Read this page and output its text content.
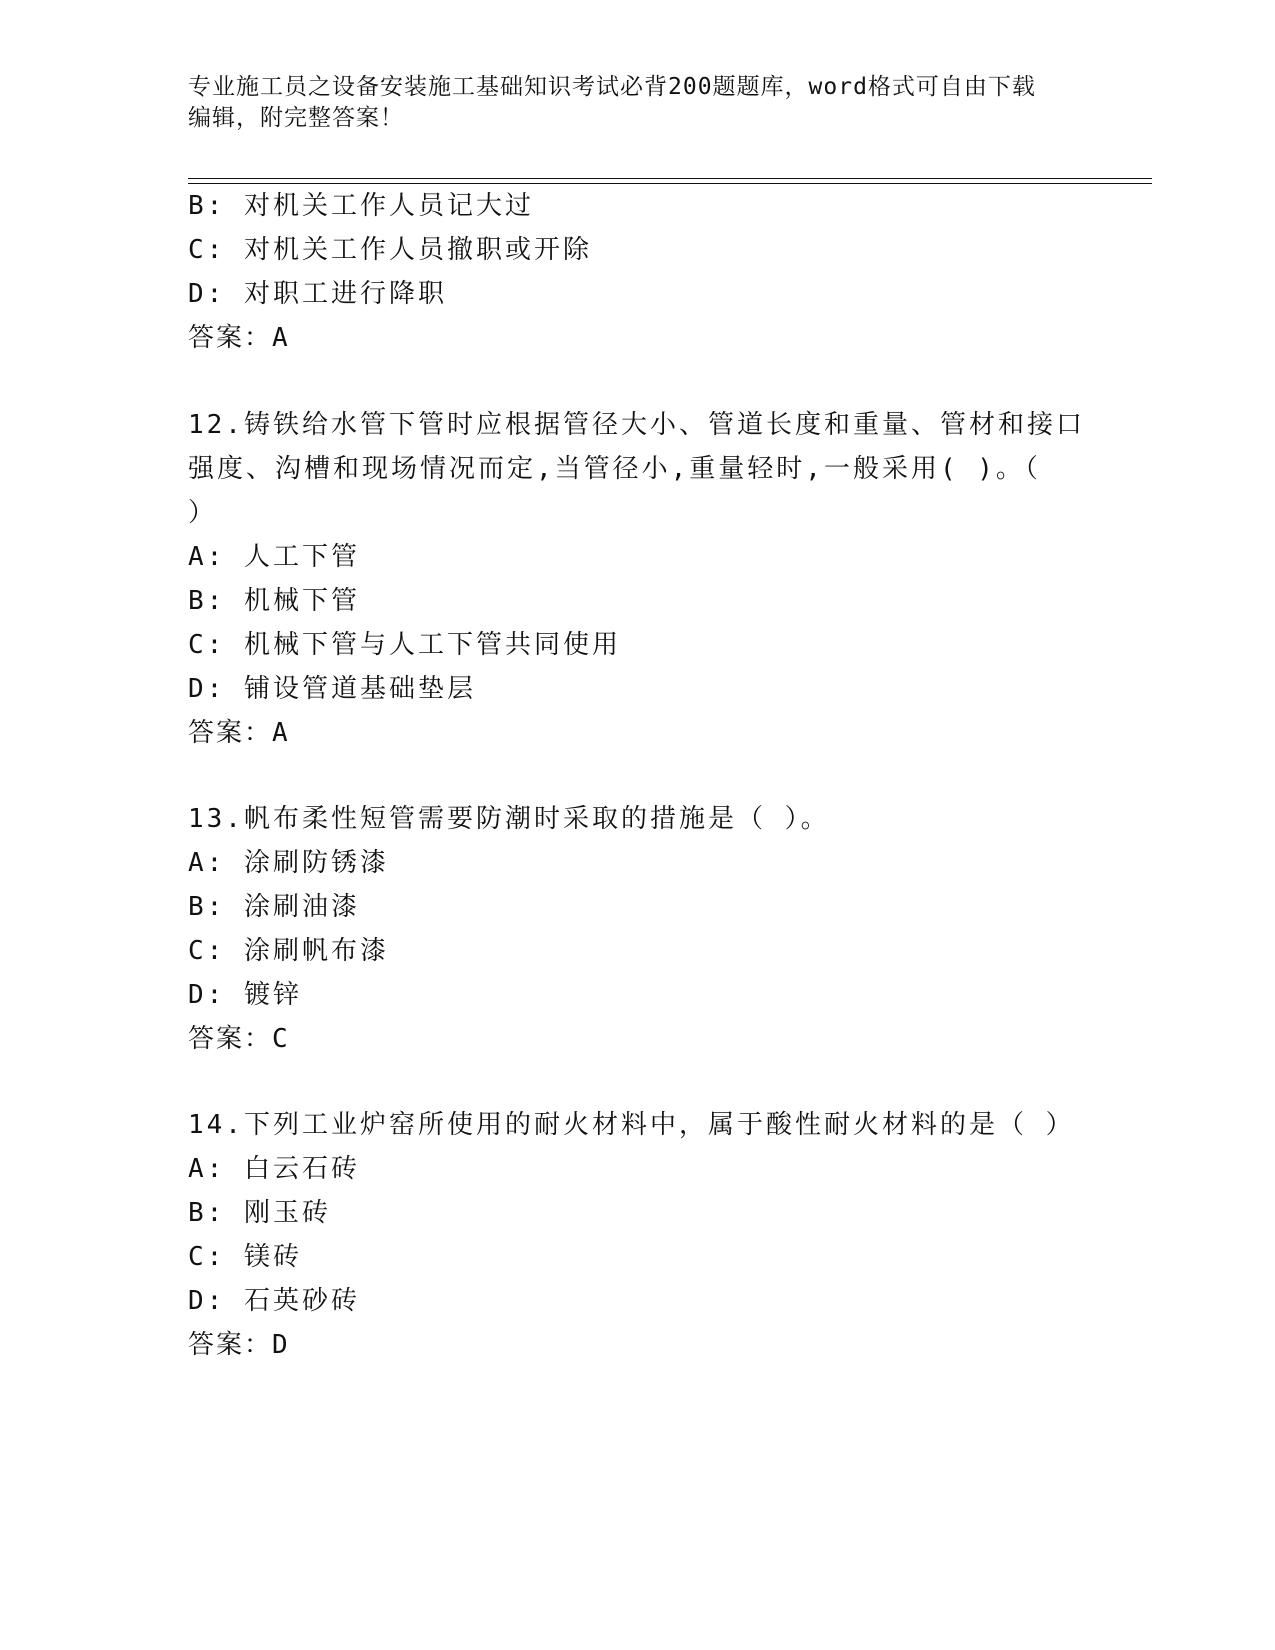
专业施工员之设备安装施工基础知识考试必背200题题库，word格式可自由下载
编辑，附完整答案！
B: 对机关工作人员记大过
C: 对机关工作人员撤职或开除
D: 对职工进行降职
答案：A
12.铸铁给水管下管时应根据管径大小、管道长度和重量、管材和接口
强度、沟槽和现场情况而定,当管径小,重量轻时,一般采用( )。（
）
A: 人工下管
B: 机械下管
C: 机械下管与人工下管共同使用
D: 铺设管道基础垫层
答案：A
13.帆布柔性短管需要防潮时采取的措施是（ ）。
A: 涂刷防锈漆
B: 涂刷油漆
C: 涂刷帆布漆
D: 镀锌
答案：C
14.下列工业炉窑所使用的耐火材料中，属于酸性耐火材料的是（ ）
A: 白云石砖
B: 刚玉砖
C: 镁砖
D: 石英砂砖
答案：D
